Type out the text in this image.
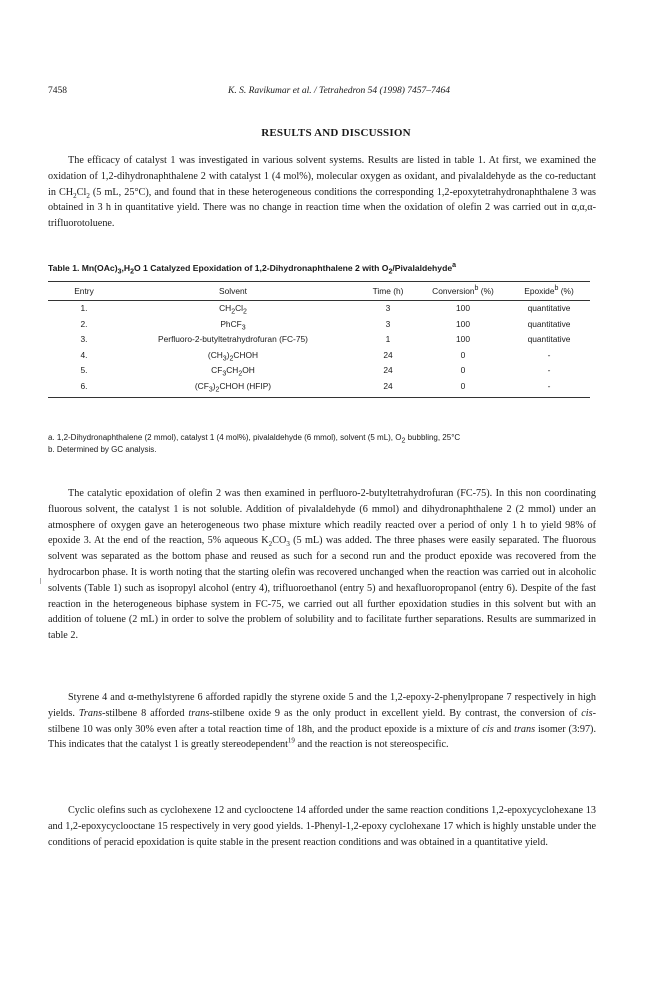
7458	K. S. Ravikumar et al. / Tetrahedron 54 (1998) 7457–7464
RESULTS AND DISCUSSION

The efficacy of catalyst 1 was investigated in various solvent systems. Results are listed in table 1. At first, we examined the oxidation of 1,2-dihydronaphthalene 2 with catalyst 1 (4 mol%), molecular oxygen as oxidant, and pivalaldehyde as the co-reductant in $CH_2Cl_2$ (5 mL, 25°C), and found that in these heterogeneous conditions the corresponding 1,2-epoxytetrahydronaphthalene 3 was obtained in 3 h in quantitative yield. There was no change in reaction time when the oxidation of olefin 2 was carried out in α,α,α-trifluorotoluene.

Table 1. $Mn(OAc)_3,H_2O$ 1 Catalyzed Epoxidation of 1,2-Dihydronaphthalene 2 with $O_2/Pivalaldehyde^a$
Entry	Solvent	Time (h)	Conversion$^b$ (%)	Epoxide$^b$ (%)
1.	$CH_2Cl_2$	3	100	quantitative
2.	PhCF$_3$	3	100	quantitative
3.	Perfluoro-2-butyltetrahydrofuran (FC-75)	1	100	quantitative
4.	$(CH_3)_2CHOH$	24	0	-
5.	$CF_3CH_2OH$	24	0	-
6.	$(CF_3)_2CHOH$ (HFIP)	24	0	-
a. 1,2-Dihydronaphthalene (2 mmol), catalyst 1 (4 mol%), pivalaldehyde (6 mmol), solvent (5 mL), $O_2$ bubbling, 25°C
b. Determined by GC analysis.

The catalytic epoxidation of olefin 2 was then examined in perfluoro-2-butyltetrahydrofuran (FC-75). In this non coordinating fluorous solvent, the catalyst 1 is not soluble. Addition of pivalaldehyde (6 mmol) and dihydronaphthalene 2 (2 mmol) under an atmosphere of oxygen gave an heterogeneous two phase mixture which readily reacted over a period of only 1 h to yield 98% of epoxide 3. At the end of the reaction, 5% aqueous $K_2CO_3$ (5 mL) was added. The three phases were easily separated. The fluorous solvent was separated as the bottom phase and reused as such for a second run and the product epoxide was recovered from the hydrocarbon phase. It is worth noting that the starting olefin was recovered unchanged when the reaction was carried out in alcoholic solvents (Table 1) such as isopropyl alcohol (entry 4), trifluoroethanol (entry 5) and hexafluoropropanol (entry 6). Despite of the fast reaction in the heterogeneous biphase system in FC-75, we carried out all further epoxidation studies in this solvent but with an addition of toluene (2 mL) in order to solve the problem of solubility and to facilitate further separations. Results are summarized in table 2.

Styrene 4 and α-methylstyrene 6 afforded rapidly the styrene oxide 5 and the 1,2-epoxy-2-phenylpropane 7 respectively in high yields. Trans-stilbene 8 afforded trans-stilbene oxide 9 as the only product in excellent yield. By contrast, the conversion of cis-stilbene 10 was only 30% even after a total reaction time of 18h, and the product epoxide is a mixture of cis and trans isomer (3:97). This indicates that the catalyst 1 is greatly stereodependent$^{19}$ and the reaction is not stereospecific.

Cyclic olefins such as cyclohexene 12 and cyclooctene 14 afforded under the same reaction conditions 1,2-epoxycyclohexane 13 and 1,2-epoxycyclooctane 15 respectively in very good yields. 1-Phenyl-1,2-epoxy cyclohexane 17 which is highly unstable under the conditions of peracid epoxidation is quite stable in the present reaction conditions and was obtained in a quantitative yield.
